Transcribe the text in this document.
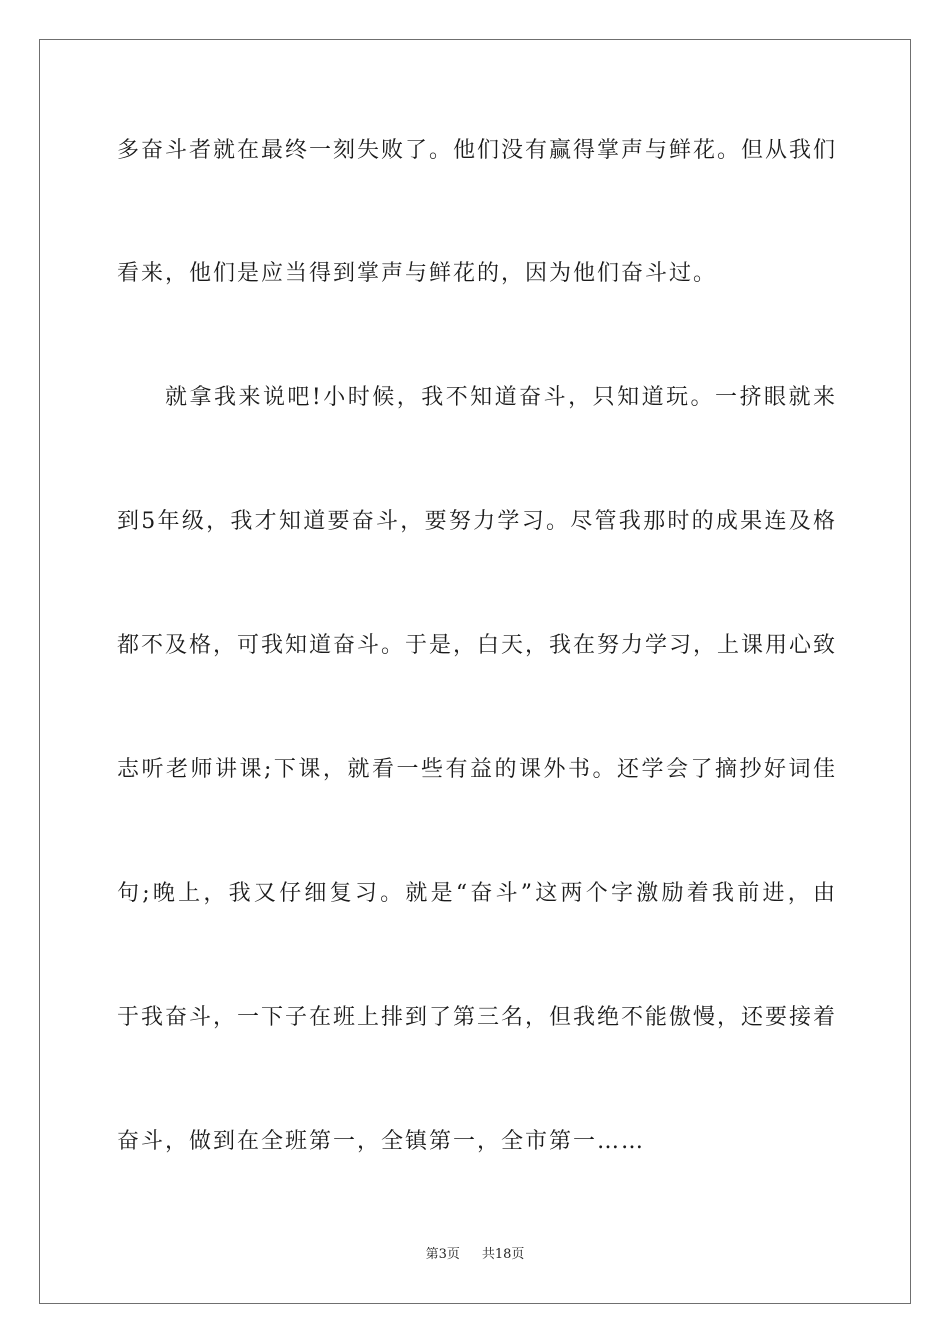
多奋斗者就在最终一刻失败了。他们没有赢得掌声与鲜花。但从我们
看来，他们是应当得到掌声与鲜花的，因为他们奋斗过。
就拿我来说吧!小时候，我不知道奋斗，只知道玩。一挤眼就来
到5年级，我才知道要奋斗，要努力学习。尽管我那时的成果连及格
都不及格，可我知道奋斗。于是，白天，我在努力学习，上课用心致
志听老师讲课;下课，就看一些有益的课外书。还学会了摘抄好词佳
句;晚上，我又仔细复习。就是“奋斗”这两个字激励着我前进，由
于我奋斗，一下子在班上排到了第三名，但我绝不能傲慢，还要接着
奋斗，做到在全班第一，全镇第一，全市第一……
第3页 共18页
